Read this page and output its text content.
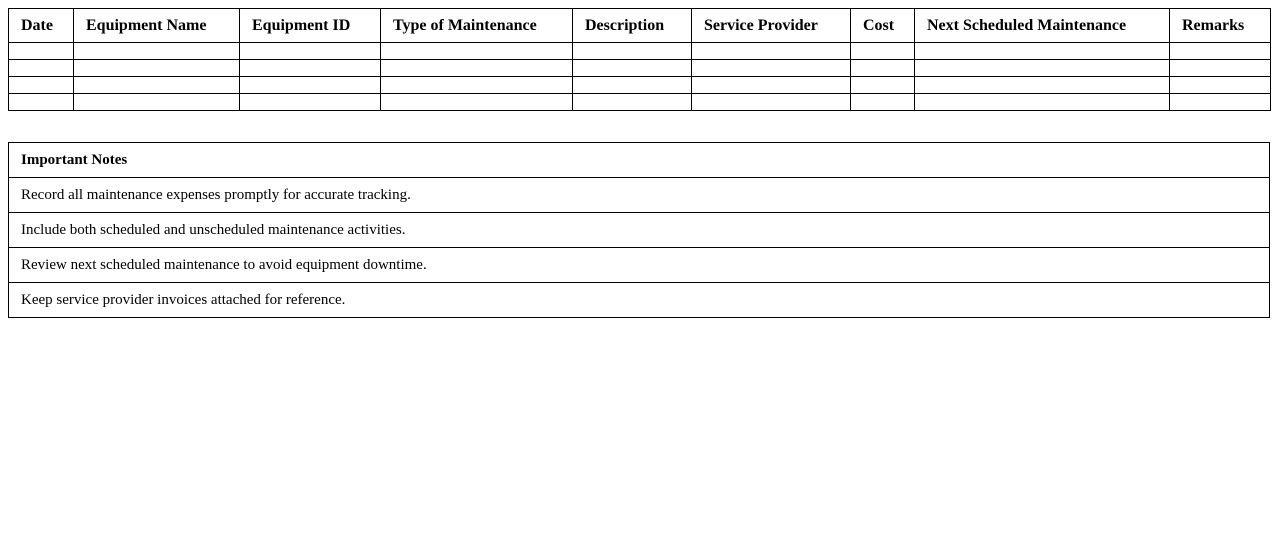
Date	Equipment Name	Equipment ID	Type of Maintenance	Description	Service Provider	Cost	Next Scheduled Maintenance	Remarks

Important Notes
Record all maintenance expenses promptly for accurate tracking.
Include both scheduled and unscheduled maintenance activities.
Review next scheduled maintenance to avoid equipment downtime.
Keep service provider invoices attached for reference.
